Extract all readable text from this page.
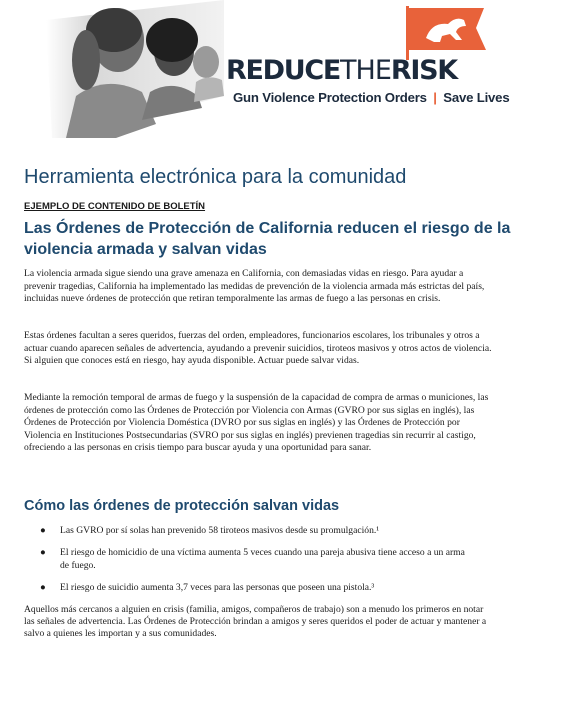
REDUCETHERISK
Gun Violence Protection Orders | Save Lives
Herramienta electrónica para la comunidad

EJEMPLO DE CONTENIDO DE BOLETÍN

Las Órdenes de Protección de California reducen el riesgo de la violencia armada y salvan vidas

La violencia armada sigue siendo una grave amenaza en California, con demasiadas vidas en riesgo. Para ayudar a prevenir tragedias, California ha implementado las medidas de prevención de la violencia armada más estrictas del país, incluidas nueve órdenes de protección que retiran temporalmente las armas de fuego a las personas en crisis.

Estas órdenes facultan a seres queridos, fuerzas del orden, empleadores, funcionarios escolares, los tribunales y otros a actuar cuando aparecen señales de advertencia, ayudando a prevenir suicidios, tiroteos masivos y otros actos de violencia. Si alguien que conoces está en riesgo, hay ayuda disponible. Actuar puede salvar vidas.

Mediante la remoción temporal de armas de fuego y la suspensión de la capacidad de compra de armas o municiones, las órdenes de protección como las Órdenes de Protección por Violencia con Armas (GVRO por sus siglas en inglés), las Órdenes de Protección por Violencia Doméstica (DVRO por sus siglas en inglés) y las Órdenes de Protección por Violencia en Instituciones Postsecundarias (SVRO por sus siglas en inglés) previenen tragedias sin recurrir al castigo, ofreciendo a las personas en crisis tiempo para buscar ayuda y una oportunidad para sanar.

Cómo las órdenes de protección salvan vidas
● Las GVRO por sí solas han prevenido 58 tiroteos masivos desde su promulgación.¹
● El riesgo de homicidio de una víctima aumenta 5 veces cuando una pareja abusiva tiene acceso a un arma de fuego.
● El riesgo de suicidio aumenta 3,7 veces para las personas que poseen una pistola.³

Aquellos más cercanos a alguien en crisis (familia, amigos, compañeros de trabajo) son a menudo los primeros en notar las señales de advertencia. Las Órdenes de Protección brindan a amigos y seres queridos el poder de actuar y mantener a salvo a quienes les importan y a sus comunidades.
